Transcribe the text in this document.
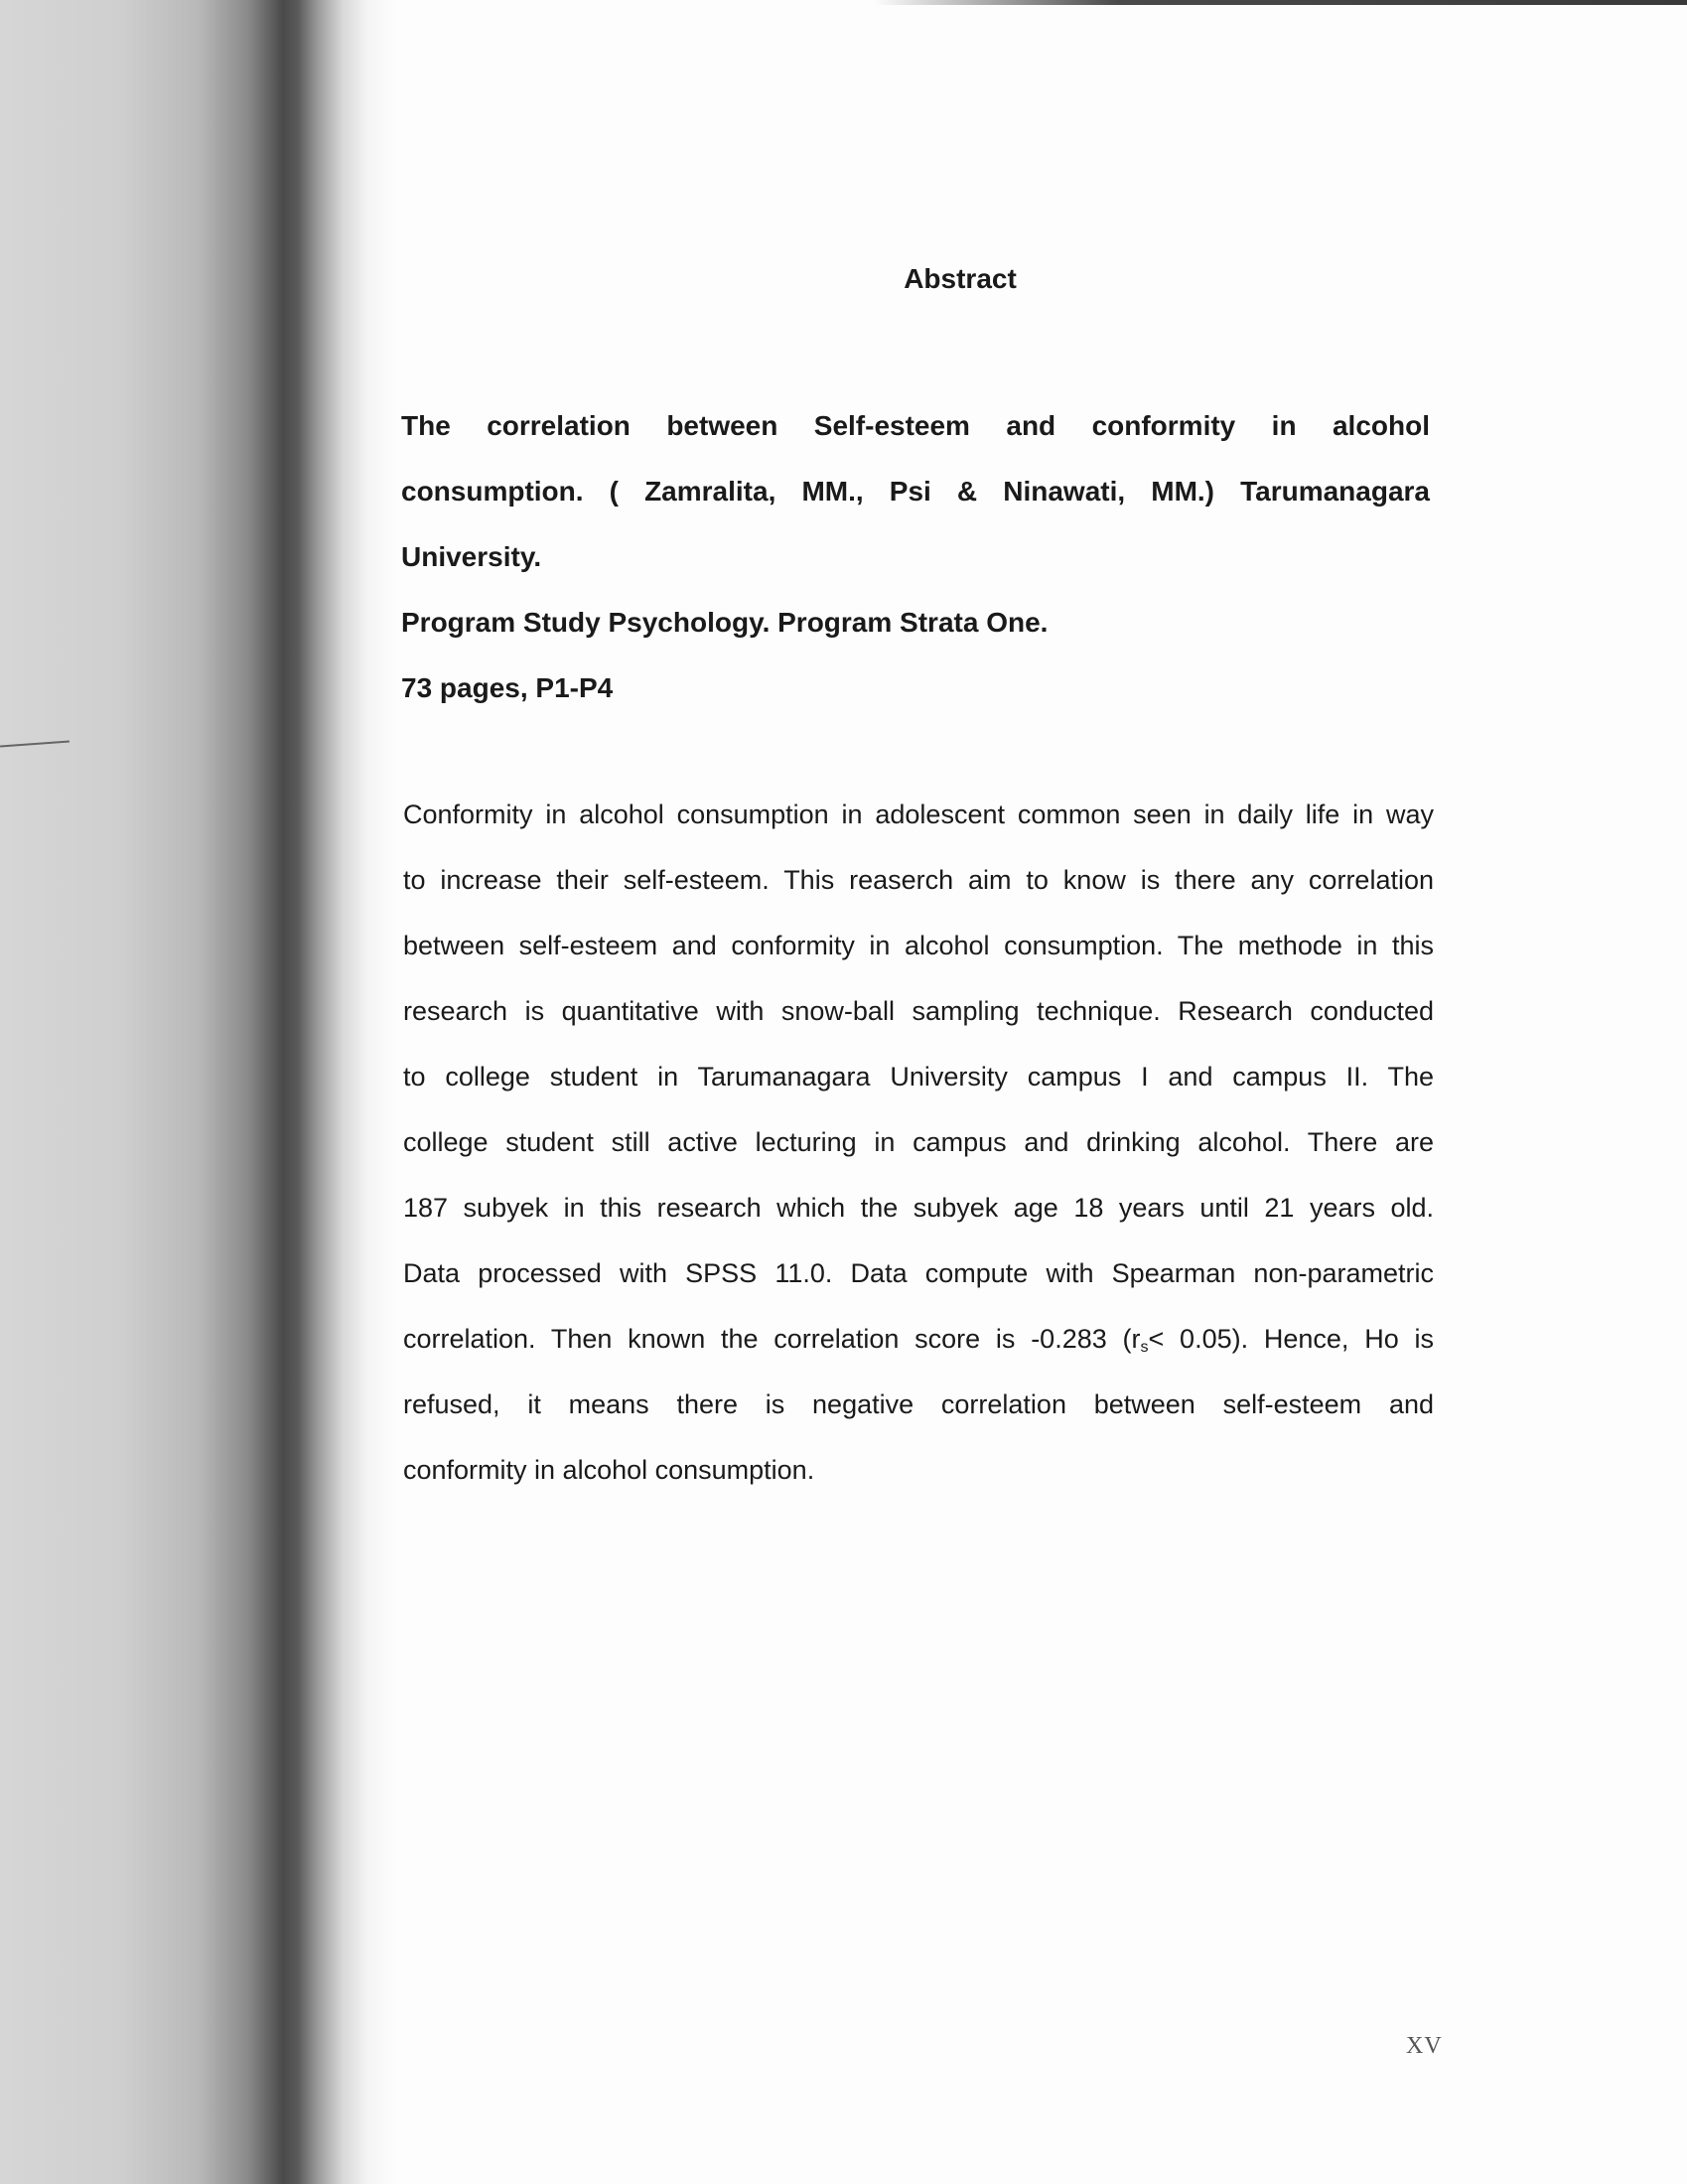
Abstract
The correlation between Self-esteem and conformity in alcohol
consumption. ( Zamralita, MM., Psi & Ninawati, MM.) Tarumanagara
University.
Program Study Psychology. Program Strata One.
73 pages, P1-P4
Conformity in alcohol consumption in adolescent common seen in daily life in way
to increase their self-esteem. This reaserch aim to know is there any correlation
between self-esteem and conformity in alcohol consumption. The methode in this
research is quantitative with snow-ball sampling technique. Research conducted
to college student in Tarumanagara University campus I and campus II. The
college student still active lecturing in campus and drinking alcohol. There are
187 subyek in this research which the subyek age 18 years until 21 years old.
Data processed with SPSS 11.0. Data compute with Spearman non-parametric
correlation. Then known the correlation score is -0.283 $(r_s< 0.05)$. Hence, Ho is
refused, it means there is negative correlation between self-esteem and
conformity in alcohol consumption.
XV
